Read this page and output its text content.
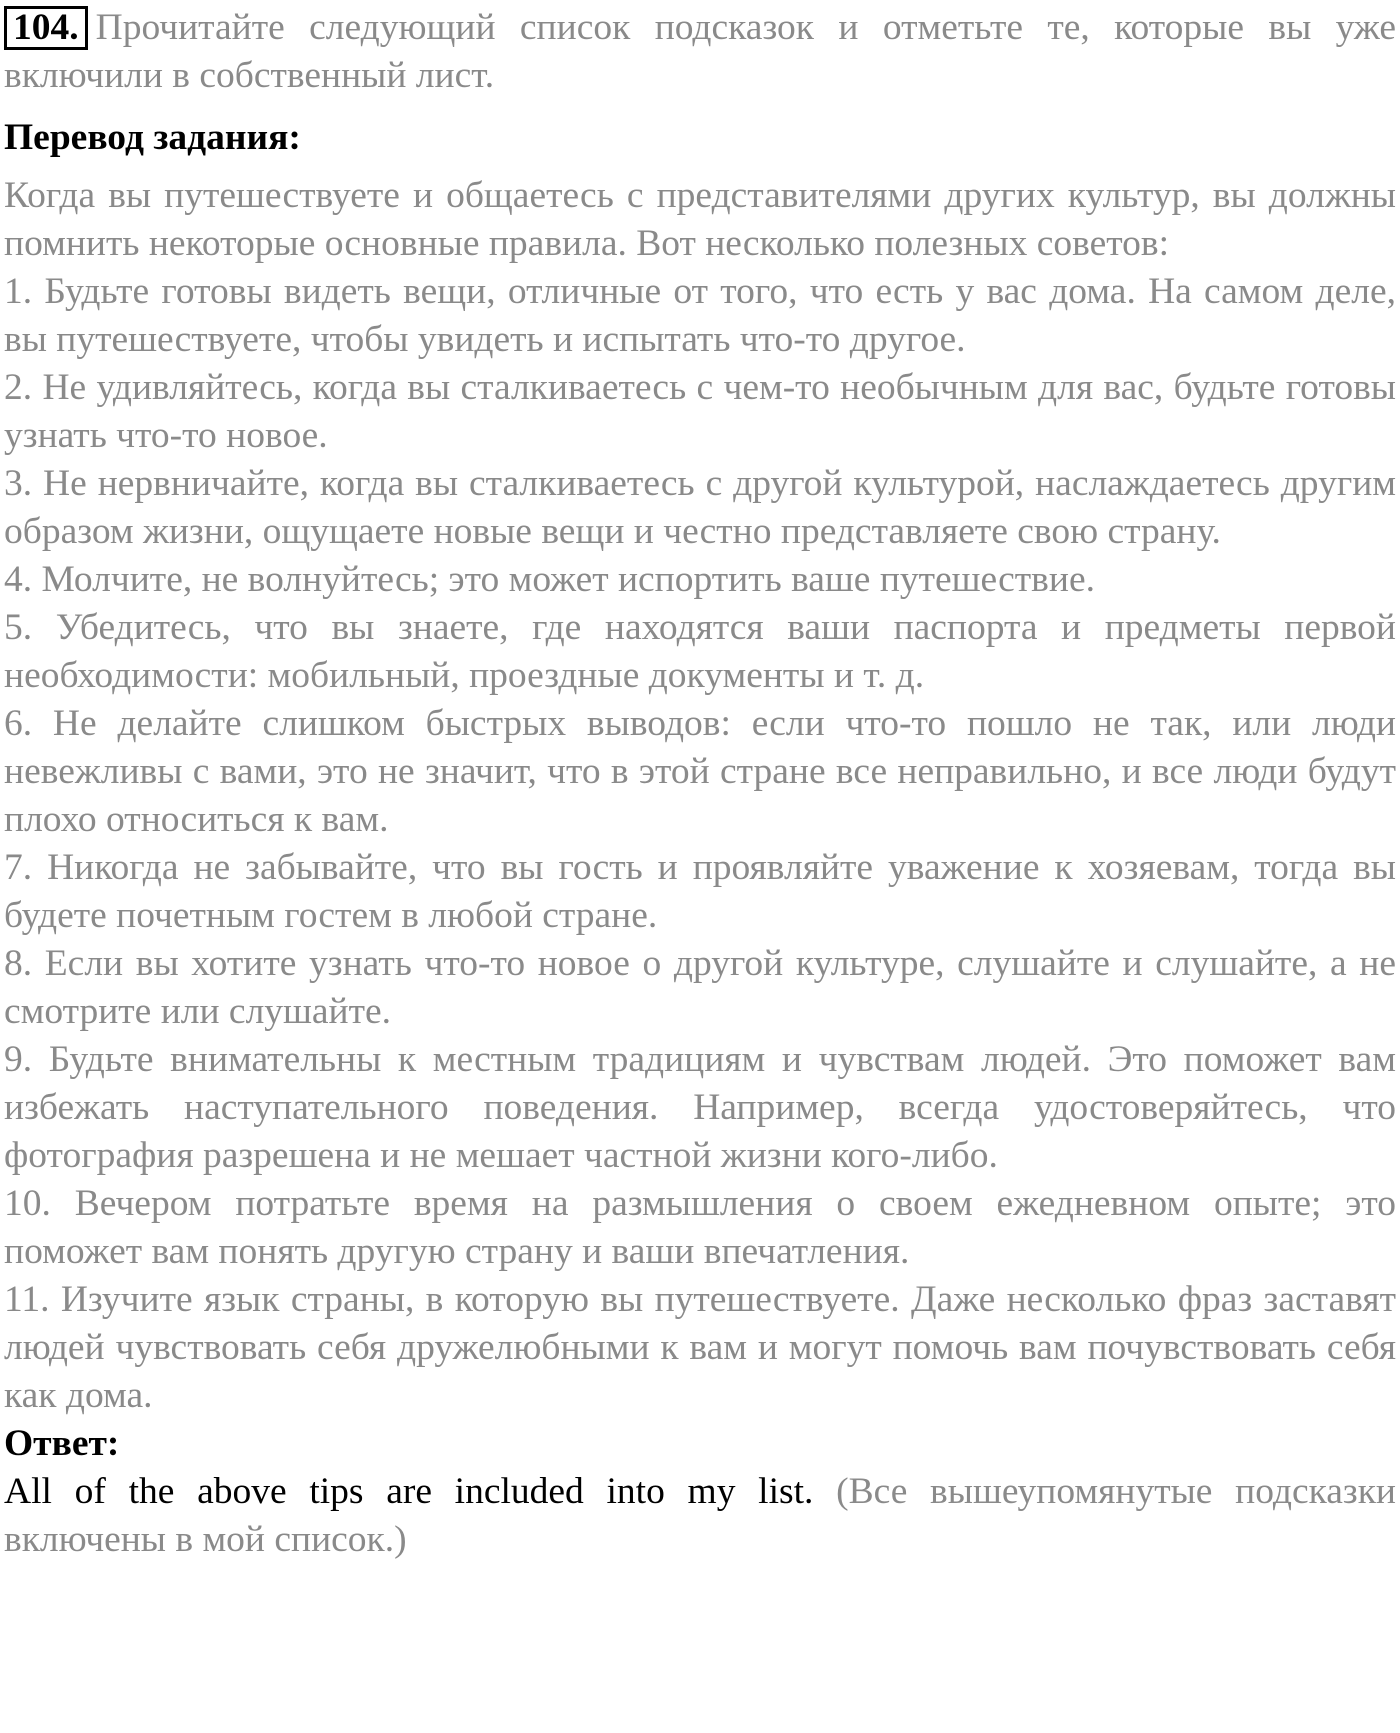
104. Прочитайте следующий список подсказок и отметьте те, которые вы уже включили в собственный лист.

Перевод задания:

Когда вы путешествуете и общаетесь с представителями других культур, вы должны помнить некоторые основные правила. Вот несколько полезных советов:

1. Будьте готовы видеть вещи, отличные от того, что есть у вас дома. На самом деле, вы путешествуете, чтобы увидеть и испытать что-то другое.

2. Не удивляйтесь, когда вы сталкиваетесь с чем-то необычным для вас, будьте готовы узнать что-то новое.

3. Не нервничайте, когда вы сталкиваетесь с другой культурой, наслаждаетесь другим образом жизни, ощущаете новые вещи и честно представляете свою страну.

4. Молчите, не волнуйтесь; это может испортить ваше путешествие.

5. Убедитесь, что вы знаете, где находятся ваши паспорта и предметы первой необходимости: мобильный, проездные документы и т. д.

6. Не делайте слишком быстрых выводов: если что-то пошло не так, или люди невежливы с вами, это не значит, что в этой стране все неправильно, и все люди будут плохо относиться к вам.

7. Никогда не забывайте, что вы гость и проявляйте уважение к хозяевам, тогда вы будете почетным гостем в любой стране.

8. Если вы хотите узнать что-то новое о другой культуре, слушайте и слушайте, а не смотрите или слушайте.

9. Будьте внимательны к местным традициям и чувствам людей. Это поможет вам избежать наступательного поведения. Например, всегда удостоверяйтесь, что фотография разрешена и не мешает частной жизни кого-либо.

10. Вечером потратьте время на размышления о своем ежедневном опыте; это поможет вам понять другую страну и ваши впечатления.

11. Изучите язык страны, в которую вы путешествуете. Даже несколько фраз заставят людей чувствовать себя дружелюбными к вам и могут помочь вам почувствовать себя как дома.

Ответ:

All of the above tips are included into my list. (Все вышеупомянутые подсказки включены в мой список.)
